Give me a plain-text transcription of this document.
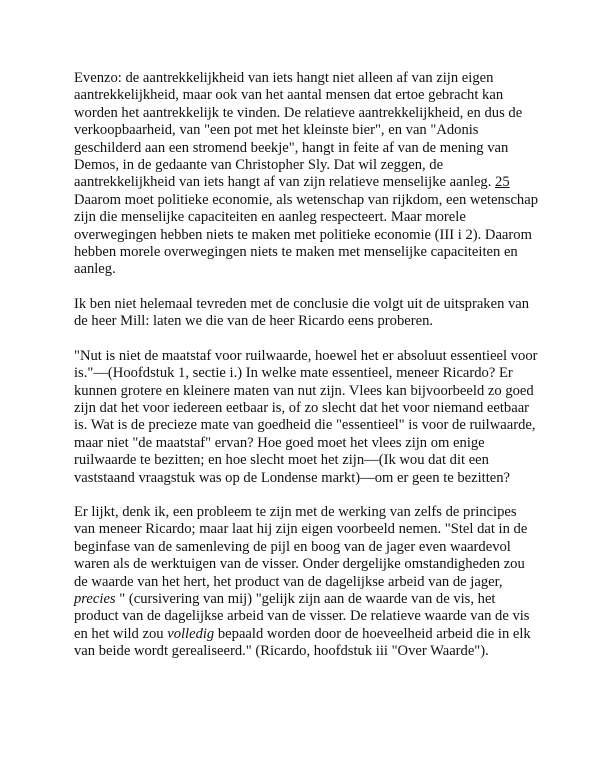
Evenzo: de aantrekkelijkheid van iets hangt niet alleen af van zijn eigen aantrekkelijkheid, maar ook van het aantal mensen dat ertoe gebracht kan worden het aantrekkelijk te vinden. De relatieve aantrekkelijkheid, en dus de verkoopbaarheid, van "een pot met het kleinste bier", en van "Adonis geschilderd aan een stromend beekje", hangt in feite af van de mening van Demos, in de gedaante van Christopher Sly. Dat wil zeggen, de aantrekkelijkheid van iets hangt af van zijn relatieve menselijke aanleg. 25 Daarom moet politieke economie, als wetenschap van rijkdom, een wetenschap zijn die menselijke capaciteiten en aanleg respecteert. Maar morele overwegingen hebben niets te maken met politieke economie (III i 2). Daarom hebben morele overwegingen niets te maken met menselijke capaciteiten en aanleg.

Ik ben niet helemaal tevreden met de conclusie die volgt uit de uitspraken van de heer Mill: laten we die van de heer Ricardo eens proberen.

"Nut is niet de maatstaf voor ruilwaarde, hoewel het er absoluut essentieel voor is."—(Hoofdstuk 1, sectie i.) In welke mate essentieel, meneer Ricardo? Er kunnen grotere en kleinere maten van nut zijn. Vlees kan bijvoorbeeld zo goed zijn dat het voor iedereen eetbaar is, of zo slecht dat het voor niemand eetbaar is. Wat is de precieze mate van goedheid die "essentieel" is voor de ruilwaarde, maar niet "de maatstaf" ervan? Hoe goed moet het vlees zijn om enige ruilwaarde te bezitten; en hoe slecht moet het zijn—(Ik wou dat dit een vaststaand vraagstuk was op de Londense markt)—om er geen te bezitten?

Er lijkt, denk ik, een probleem te zijn met de werking van zelfs de principes van meneer Ricardo; maar laat hij zijn eigen voorbeeld nemen. "Stel dat in de beginfase van de samenleving de pijl en boog van de jager even waardevol waren als de werktuigen van de visser. Onder dergelijke omstandigheden zou de waarde van het hert, het product van de dagelijkse arbeid van de jager, precies " (cursivering van mij) "gelijk zijn aan de waarde van de vis, het product van de dagelijkse arbeid van de visser. De relatieve waarde van de vis en het wild zou volledig bepaald worden door de hoeveelheid arbeid die in elk van beide wordt gerealiseerd." (Ricardo, hoofdstuk iii "Over Waarde").
